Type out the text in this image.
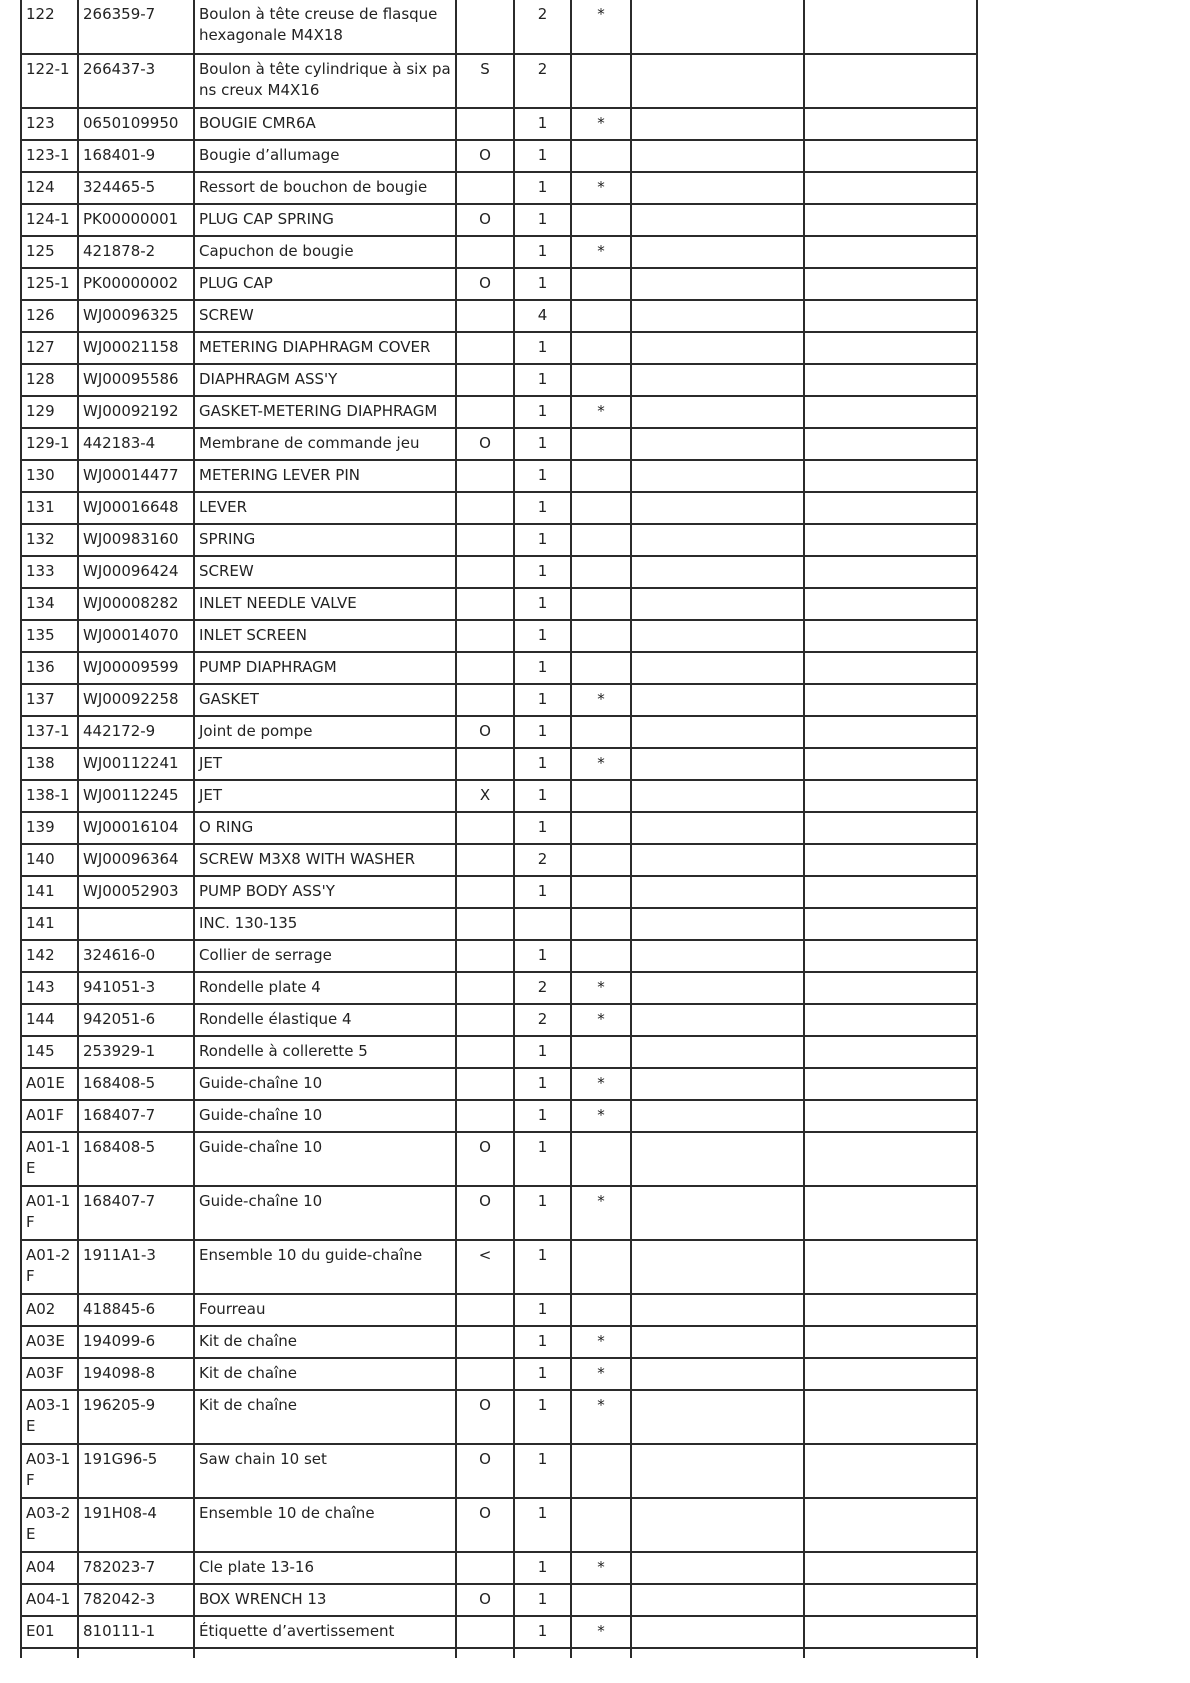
122	266359-7	Boulon à tête creuse de flasque hexagonale M4X18		2	*		
122-1	266437-3	Boulon à tête cylindrique à six pa ns creux M4X16	S	2			
123	0650109950	BOUGIE CMR6A		1	*		
123-1	168401-9	Bougie d’allumage	O	1			
124	324465-5	Ressort de bouchon de bougie		1	*		
124-1	PK00000001	PLUG CAP SPRING	O	1			
125	421878-2	Capuchon de bougie		1	*		
125-1	PK00000002	PLUG CAP	O	1			
126	WJ00096325	SCREW		4			
127	WJ00021158	METERING DIAPHRAGM COVER		1			
128	WJ00095586	DIAPHRAGM ASS'Y		1			
129	WJ00092192	GASKET-METERING DIAPHRAGM		1	*		
129-1	442183-4	Membrane de commande jeu	O	1			
130	WJ00014477	METERING LEVER PIN		1			
131	WJ00016648	LEVER		1			
132	WJ00983160	SPRING		1			
133	WJ00096424	SCREW		1			
134	WJ00008282	INLET NEEDLE VALVE		1			
135	WJ00014070	INLET SCREEN		1			
136	WJ00009599	PUMP DIAPHRAGM		1			
137	WJ00092258	GASKET		1	*		
137-1	442172-9	Joint de pompe	O	1			
138	WJ00112241	JET		1	*		
138-1	WJ00112245	JET	X	1			
139	WJ00016104	O RING		1			
140	WJ00096364	SCREW M3X8 WITH WASHER		2			
141	WJ00052903	PUMP BODY ASS'Y		1			
141		INC. 130-135					
142	324616-0	Collier de serrage		1			
143	941051-3	Rondelle plate 4		2	*		
144	942051-6	Rondelle élastique 4		2	*		
145	253929-1	Rondelle à collerette 5		1			
A01E	168408-5	Guide-chaîne 10		1	*		
A01F	168407-7	Guide-chaîne 10		1	*		
A01-1 E	168408-5	Guide-chaîne 10	O	1			
A01-1 F	168407-7	Guide-chaîne 10	O	1	*		
A01-2 F	1911A1-3	Ensemble 10 du guide-chaîne	<	1			
A02	418845-6	Fourreau		1			
A03E	194099-6	Kit de chaîne		1	*		
A03F	194098-8	Kit de chaîne		1	*		
A03-1 E	196205-9	Kit de chaîne	O	1	*		
A03-1 F	191G96-5	Saw chain 10 set	O	1			
A03-2 E	191H08-4	Ensemble 10 de chaîne	O	1			
A04	782023-7	Cle plate 13-16		1	*		
A04-1	782042-3	BOX WRENCH 13	O	1			
E01	810111-1	Étiquette d’avertissement		1	*		
